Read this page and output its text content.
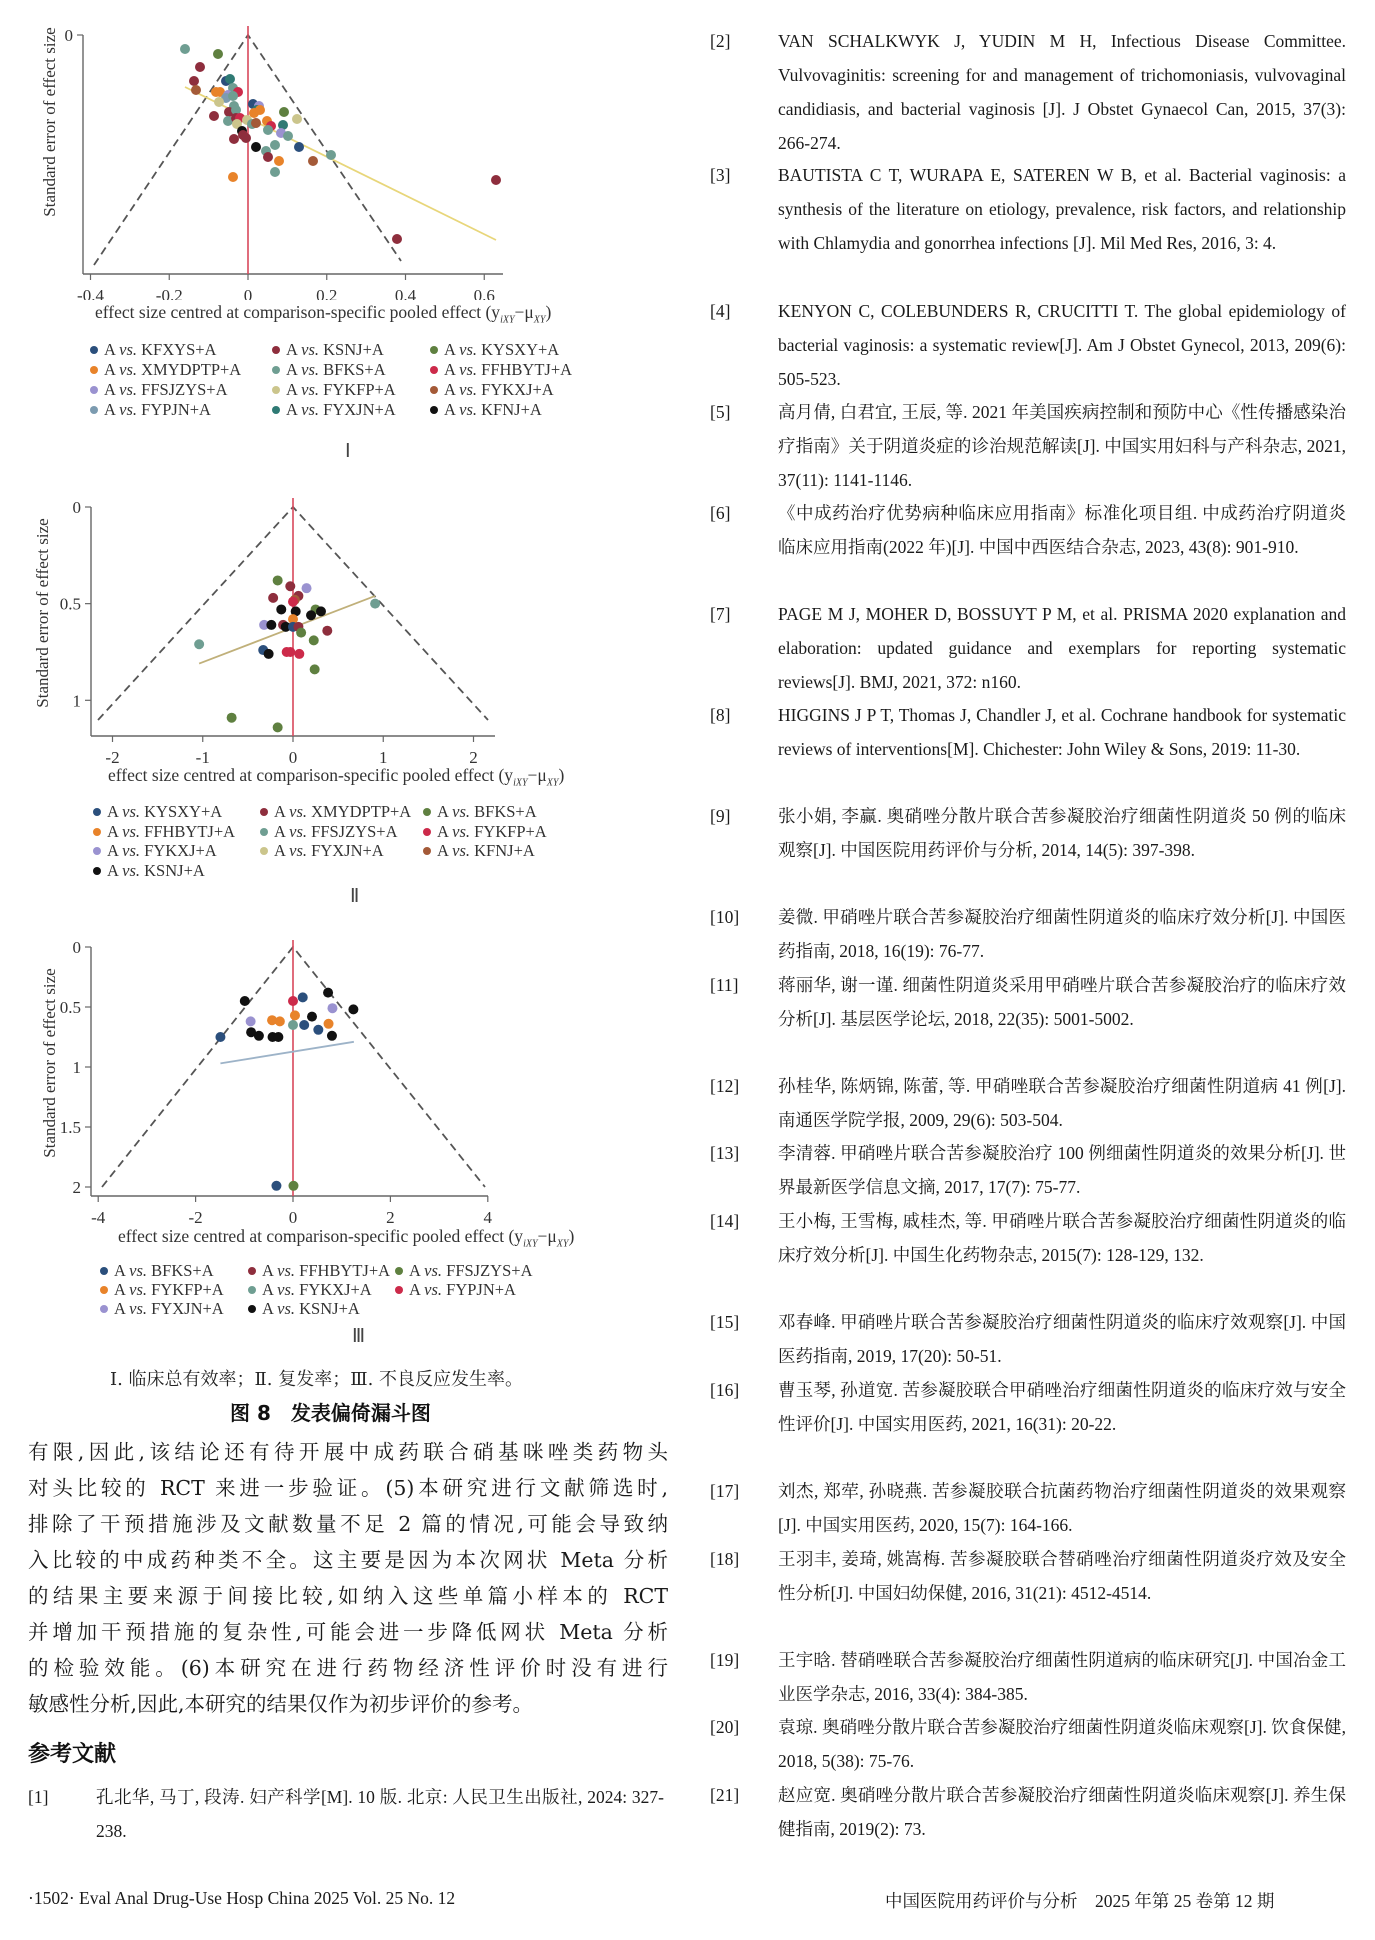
-0.4	-0.2	0	0.2	0.4	0.6
0
Standard error of effect size
effect size centred at comparison-specific pooled effect $(y_{iXY}-\mu_{XY})$
A vs. KFXYS+A	A vs. KSNJ+A	A vs. KYSXY+A
A vs. XMYDPTP+A	A vs. BFKS+A	A vs. FFHBYTJ+A
A vs. FFSJZYS+A	A vs. FYKFP+A	A vs. FYKXJ+A
A vs. FYPJN+A	A vs. FYXJN+A	A vs. KFNJ+A
Ⅰ
-2	-1	0	1	2
0
0.5
1
Standard error of effect size
effect size centred at comparison-specific pooled effect $(y_{iXY}-\mu_{XY})$
A vs. KYSXY+A	A vs. XMYDPTP+A	A vs. BFKS+A
A vs. FFHBYTJ+A	A vs. FFSJZYS+A	A vs. FYKFP+A
A vs. FYKXJ+A	A vs. FYXJN+A	A vs. KFNJ+A
A vs. KSNJ+A
Ⅱ
-4	-2	0	2	4
0
0.5
1
1.5
2
Standard error of effect size
effect size centred at comparison-specific pooled effect $(y_{iXY}-\mu_{XY})$
A vs. BFKS+A	A vs. FFHBYTJ+A	A vs. FFSJZYS+A
A vs. FYKFP+A	A vs. FYKXJ+A	A vs. FYPJN+A
A vs. FYXJN+A	A vs. KSNJ+A
Ⅲ
Ⅰ. 临床总有效率；Ⅱ. 复发率；Ⅲ. 不良反应发生率。
图 8　发表偏倚漏斗图

有限,因此,该结论还有待开展中成药联合硝基咪唑类药物头

对头比较的 RCT 来进一步验证。(5)本研究进行文献筛选时,

排除了干预措施涉及文献数量不足 2 篇的情况,可能会导致纳

入比较的中成药种类不全。这主要是因为本次网状 Meta 分析

的结果主要来源于间接比较,如纳入这些单篇小样本的 RCT

并增加干预措施的复杂性,可能会进一步降低网状 Meta 分析

的检验效能。(6)本研究在进行药物经济性评价时没有进行

敏感性分析,因此,本研究的结果仅作为初步评价的参考。

参考文献
[1]	孔北华, 马丁, 段涛. 妇产科学[M]. 10 版. 北京: 人民卫生出版社, 2024: 327-238.
[2]	VAN SCHALKWYK J, YUDIN M H, Infectious Disease Committee. Vulvovaginitis: screening for and management of trichomoniasis, vulvovaginal candidiasis, and bacterial vaginosis [J]. J Obstet Gynaecol Can, 2015, 37(3): 266-274.
[3]	BAUTISTA C T, WURAPA E, SATEREN W B, et al. Bacterial vaginosis: a synthesis of the literature on etiology, prevalence, risk factors, and relationship with Chlamydia and gonorrhea infections [J]. Mil Med Res, 2016, 3: 4.
[4]	KENYON C, COLEBUNDERS R, CRUCITTI T. The global epidemiology of bacterial vaginosis: a systematic review[J]. Am J Obstet Gynecol, 2013, 209(6): 505-523.
[5]	高月倩, 白君宜, 王辰, 等. 2021 年美国疾病控制和预防中心《性传播感染治疗指南》关于阴道炎症的诊治规范解读[J]. 中国实用妇科与产科杂志, 2021, 37(11): 1141-1146.
[6]	《中成药治疗优势病种临床应用指南》标准化项目组. 中成药治疗阴道炎临床应用指南(2022 年)[J]. 中国中西医结合杂志, 2023, 43(8): 901-910.
[7]	PAGE M J, MOHER D, BOSSUYT P M, et al. PRISMA 2020 explanation and elaboration: updated guidance and exemplars for reporting systematic reviews[J]. BMJ, 2021, 372: n160.
[8]	HIGGINS J P T, Thomas J, Chandler J, et al. Cochrane handbook for systematic reviews of interventions[M]. Chichester: John Wiley & Sons, 2019: 11-30.
[9]	张小娟, 李赢. 奥硝唑分散片联合苦参凝胶治疗细菌性阴道炎 50 例的临床观察[J]. 中国医院用药评价与分析, 2014, 14(5): 397-398.
[10] 姜微. 甲硝唑片联合苦参凝胶治疗细菌性阴道炎的临床疗效分析[J]. 中国医药指南, 2018, 16(19): 76-77.
[11] 蒋丽华, 谢一谨. 细菌性阴道炎采用甲硝唑片联合苦参凝胶治疗的临床疗效分析[J]. 基层医学论坛, 2018, 22(35): 5001-5002.
[12] 孙桂华, 陈炳锦, 陈蕾, 等. 甲硝唑联合苦参凝胶治疗细菌性阴道病 41 例[J]. 南通医学院学报, 2009, 29(6): 503-504.
[13] 李清蓉. 甲硝唑片联合苦参凝胶治疗 100 例细菌性阴道炎的效果分析[J]. 世界最新医学信息文摘, 2017, 17(7): 75-77.
[14] 王小梅, 王雪梅, 戚桂杰, 等. 甲硝唑片联合苦参凝胶治疗细菌性阴道炎的临床疗效分析[J]. 中国生化药物杂志, 2015(7): 128-129, 132.
[15] 邓春峰. 甲硝唑片联合苦参凝胶治疗细菌性阴道炎的临床疗效观察[J]. 中国医药指南, 2019, 17(20): 50-51.
[16] 曹玉琴, 孙道宽. 苦参凝胶联合甲硝唑治疗细菌性阴道炎的临床疗效与安全性评价[J]. 中国实用医药, 2021, 16(31): 20-22.
[17] 刘杰, 郑荦, 孙晓燕. 苦参凝胶联合抗菌药物治疗细菌性阴道炎的效果观察[J]. 中国实用医药, 2020, 15(7): 164-166.
[18] 王羽丰, 姜琦, 姚嵩梅. 苦参凝胶联合替硝唑治疗细菌性阴道炎疗效及安全性分析[J]. 中国妇幼保健, 2016, 31(21): 4512-4514.
[19] 王宇晗. 替硝唑联合苦参凝胶治疗细菌性阴道病的临床研究[J]. 中国冶金工业医学杂志, 2016, 33(4): 384-385.
[20] 袁琼. 奥硝唑分散片联合苦参凝胶治疗细菌性阴道炎临床观察[J]. 饮食保健, 2018, 5(38): 75-76.
[21] 赵应宽. 奥硝唑分散片联合苦参凝胶治疗细菌性阴道炎临床观察[J]. 养生保健指南, 2019(2): 73.
·1502· Eval Anal Drug-Use Hosp China 2025 Vol. 25 No. 12	中国医院用药评价与分析　2025 年第 25 卷第 12 期
